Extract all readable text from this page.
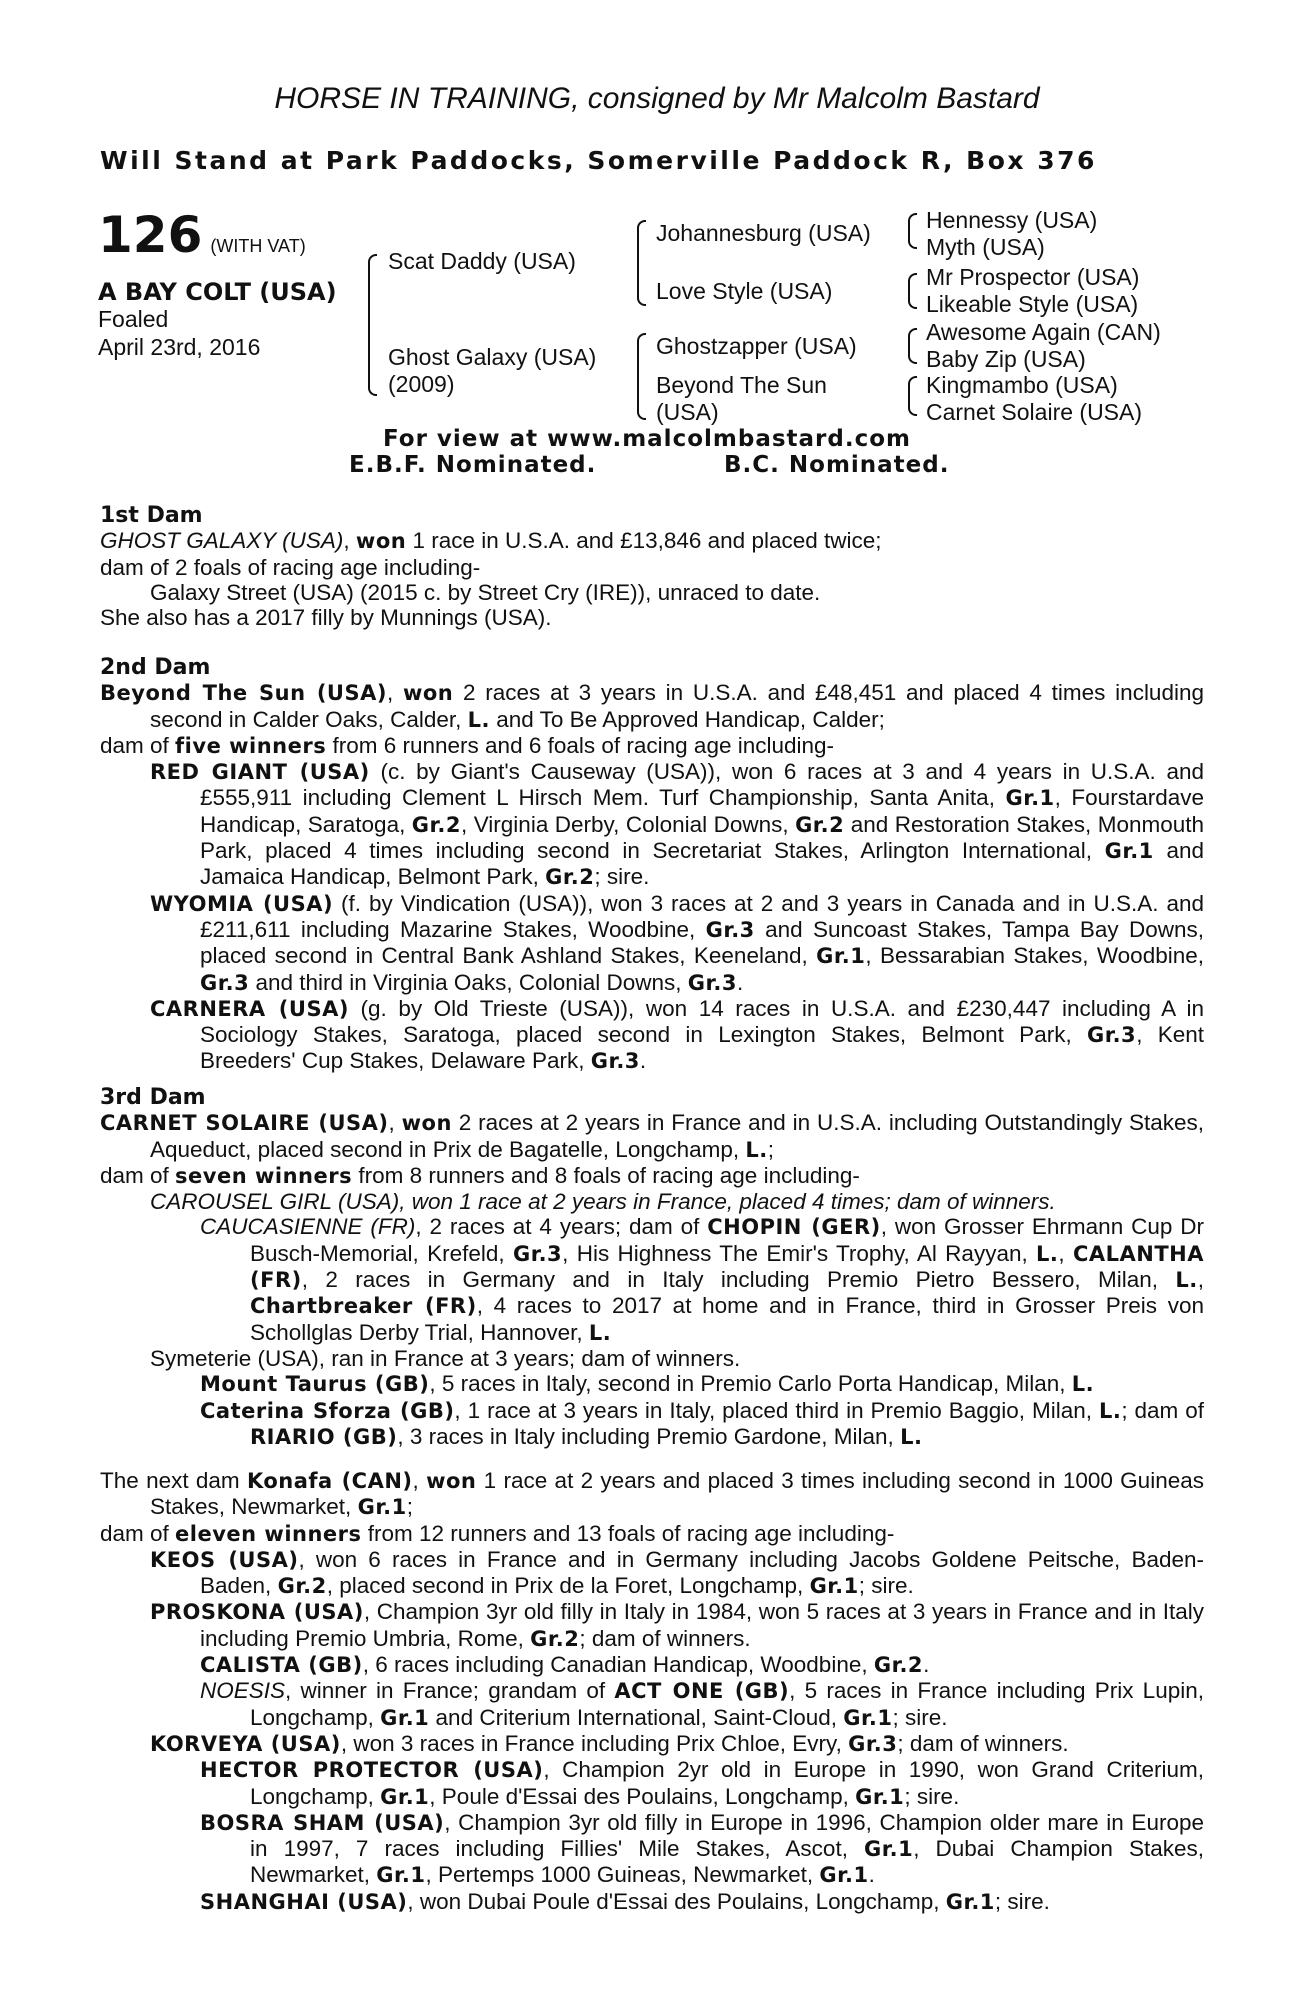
HORSE IN TRAINING, consigned by Mr Malcolm Bastard
Will Stand at Park Paddocks, Somerville Paddock R, Box 376
126 (WITH VAT)
A BAY COLT (USA)
Foaled
April 23rd, 2016
Scat Daddy (USA)
Ghost Galaxy (USA)
(2009)
Johannesburg (USA)
Love Style (USA)
Ghostzapper (USA)
Beyond The Sun
(USA)
Hennessy (USA)
Myth (USA)
Mr Prospector (USA)
Likeable Style (USA)
Awesome Again (CAN)
Baby Zip (USA)
Kingmambo (USA)
Carnet Solaire (USA)
For view at www.malcolmbastard.com
E.B.F. Nominated.	B.C. Nominated.

1st Dam

GHOST GALAXY (USA), won 1 race in U.S.A. and £13,846 and placed twice;

dam of 2 foals of racing age including-

Galaxy Street (USA) (2015 c. by Street Cry (IRE)), unraced to date.

She also has a 2017 filly by Munnings (USA).

2nd Dam

Beyond The Sun (USA), won 2 races at 3 years in U.S.A. and £48,451 and placed 4 times including second in Calder Oaks, Calder, L. and To Be Approved Handicap, Calder;

dam of five winners from 6 runners and 6 foals of racing age including-

RED GIANT (USA) (c. by Giant's Causeway (USA)), won 6 races at 3 and 4 years in U.S.A. and £555,911 including Clement L Hirsch Mem. Turf Championship, Santa Anita, Gr.1, Fourstardave Handicap, Saratoga, Gr.2, Virginia Derby, Colonial Downs, Gr.2 and Restoration Stakes, Monmouth Park, placed 4 times including second in Secretariat Stakes, Arlington International, Gr.1 and Jamaica Handicap, Belmont Park, Gr.2; sire.

WYOMIA (USA) (f. by Vindication (USA)), won 3 races at 2 and 3 years in Canada and in U.S.A. and £211,611 including Mazarine Stakes, Woodbine, Gr.3 and Suncoast Stakes, Tampa Bay Downs, placed second in Central Bank Ashland Stakes, Keeneland, Gr.1, Bessarabian Stakes, Woodbine, Gr.3 and third in Virginia Oaks, Colonial Downs, Gr.3.

CARNERA (USA) (g. by Old Trieste (USA)), won 14 races in U.S.A. and £230,447 including A in Sociology Stakes, Saratoga, placed second in Lexington Stakes, Belmont Park, Gr.3, Kent Breeders' Cup Stakes, Delaware Park, Gr.3.

3rd Dam

CARNET SOLAIRE (USA), won 2 races at 2 years in France and in U.S.A. including Outstandingly Stakes, Aqueduct, placed second in Prix de Bagatelle, Longchamp, L.;

dam of seven winners from 8 runners and 8 foals of racing age including-

CAROUSEL GIRL (USA), won 1 race at 2 years in France, placed 4 times; dam of winners.

CAUCASIENNE (FR), 2 races at 4 years; dam of CHOPIN (GER), won Grosser Ehrmann Cup Dr Busch-Memorial, Krefeld, Gr.3, His Highness The Emir's Trophy, Al Rayyan, L., CALANTHA (FR), 2 races in Germany and in Italy including Premio Pietro Bessero, Milan, L., Chartbreaker (FR), 4 races to 2017 at home and in France, third in Grosser Preis von Schollglas Derby Trial, Hannover, L.

Symeterie (USA), ran in France at 3 years; dam of winners.

Mount Taurus (GB), 5 races in Italy, second in Premio Carlo Porta Handicap, Milan, L.

Caterina Sforza (GB), 1 race at 3 years in Italy, placed third in Premio Baggio, Milan, L.; dam of RIARIO (GB), 3 races in Italy including Premio Gardone, Milan, L.

The next dam Konafa (CAN), won 1 race at 2 years and placed 3 times including second in 1000 Guineas Stakes, Newmarket, Gr.1;

dam of eleven winners from 12 runners and 13 foals of racing age including-

KEOS (USA), won 6 races in France and in Germany including Jacobs Goldene Peitsche, Baden-Baden, Gr.2, placed second in Prix de la Foret, Longchamp, Gr.1; sire.

PROSKONA (USA), Champion 3yr old filly in Italy in 1984, won 5 races at 3 years in France and in Italy including Premio Umbria, Rome, Gr.2; dam of winners.

CALISTA (GB), 6 races including Canadian Handicap, Woodbine, Gr.2.

NOESIS, winner in France; grandam of ACT ONE (GB), 5 races in France including Prix Lupin, Longchamp, Gr.1 and Criterium International, Saint-Cloud, Gr.1; sire.

KORVEYA (USA), won 3 races in France including Prix Chloe, Evry, Gr.3; dam of winners.

HECTOR PROTECTOR (USA), Champion 2yr old in Europe in 1990, won Grand Criterium, Longchamp, Gr.1, Poule d'Essai des Poulains, Longchamp, Gr.1; sire.

BOSRA SHAM (USA), Champion 3yr old filly in Europe in 1996, Champion older mare in Europe in 1997, 7 races including Fillies' Mile Stakes, Ascot, Gr.1, Dubai Champion Stakes, Newmarket, Gr.1, Pertemps 1000 Guineas, Newmarket, Gr.1.

SHANGHAI (USA), won Dubai Poule d'Essai des Poulains, Longchamp, Gr.1; sire.
